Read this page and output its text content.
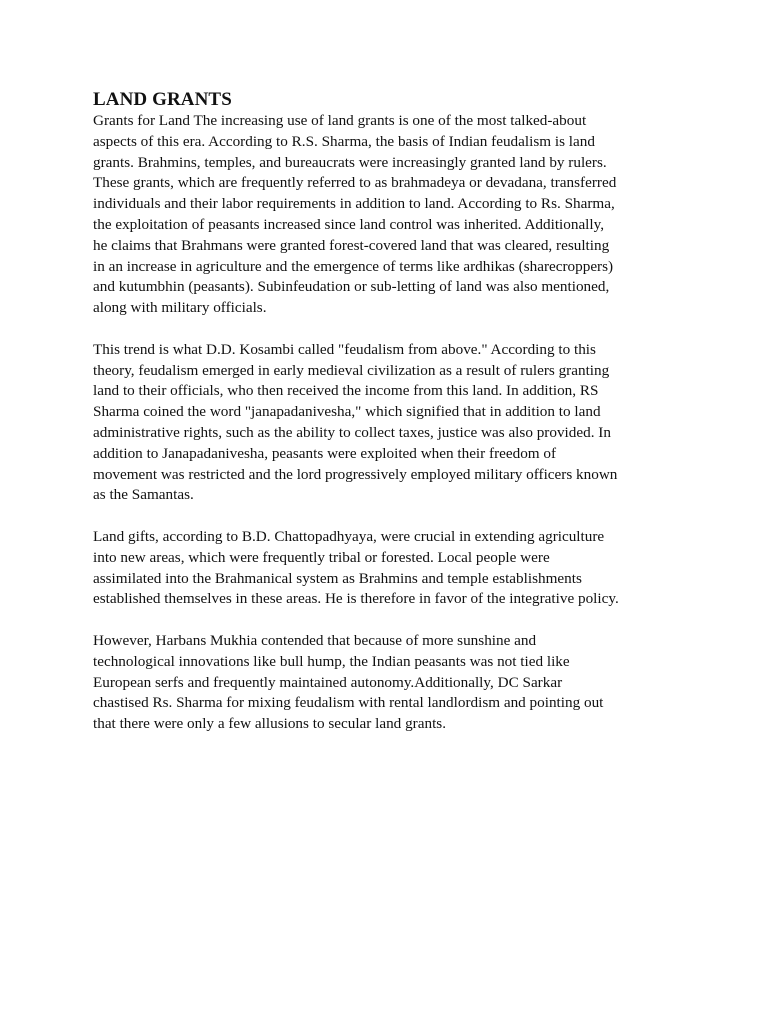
LAND GRANTS

Grants for Land The increasing use of land grants is one of the most talked-about
aspects of this era. According to R.S. Sharma, the basis of Indian feudalism is land
grants. Brahmins, temples, and bureaucrats were increasingly granted land by rulers.
These grants, which are frequently referred to as brahmadeya or devadana, transferred
individuals and their labor requirements in addition to land. According to Rs. Sharma,
the exploitation of peasants increased since land control was inherited. Additionally,
he claims that Brahmans were granted forest-covered land that was cleared, resulting
in an increase in agriculture and the emergence of terms like ardhikas (sharecroppers)
and kutumbhin (peasants). Subinfeudation or sub-letting of land was also mentioned,
along with military officials.

This trend is what D.D. Kosambi called "feudalism from above." According to this
theory, feudalism emerged in early medieval civilization as a result of rulers granting
land to their officials, who then received the income from this land. In addition, RS
Sharma coined the word "janapadanivesha," which signified that in addition to land
administrative rights, such as the ability to collect taxes, justice was also provided. In
addition to Janapadanivesha, peasants were exploited when their freedom of
movement was restricted and the lord progressively employed military officers known
as the Samantas.

Land gifts, according to B.D. Chattopadhyaya, were crucial in extending agriculture
into new areas, which were frequently tribal or forested. Local people were
assimilated into the Brahmanical system as Brahmins and temple establishments
established themselves in these areas. He is therefore in favor of the integrative policy.

However, Harbans Mukhia contended that because of more sunshine and
technological innovations like bull hump, the Indian peasants was not tied like
European serfs and frequently maintained autonomy.Additionally, DC Sarkar
chastised Rs. Sharma for mixing feudalism with rental landlordism and pointing out
that there were only a few allusions to secular land grants.
